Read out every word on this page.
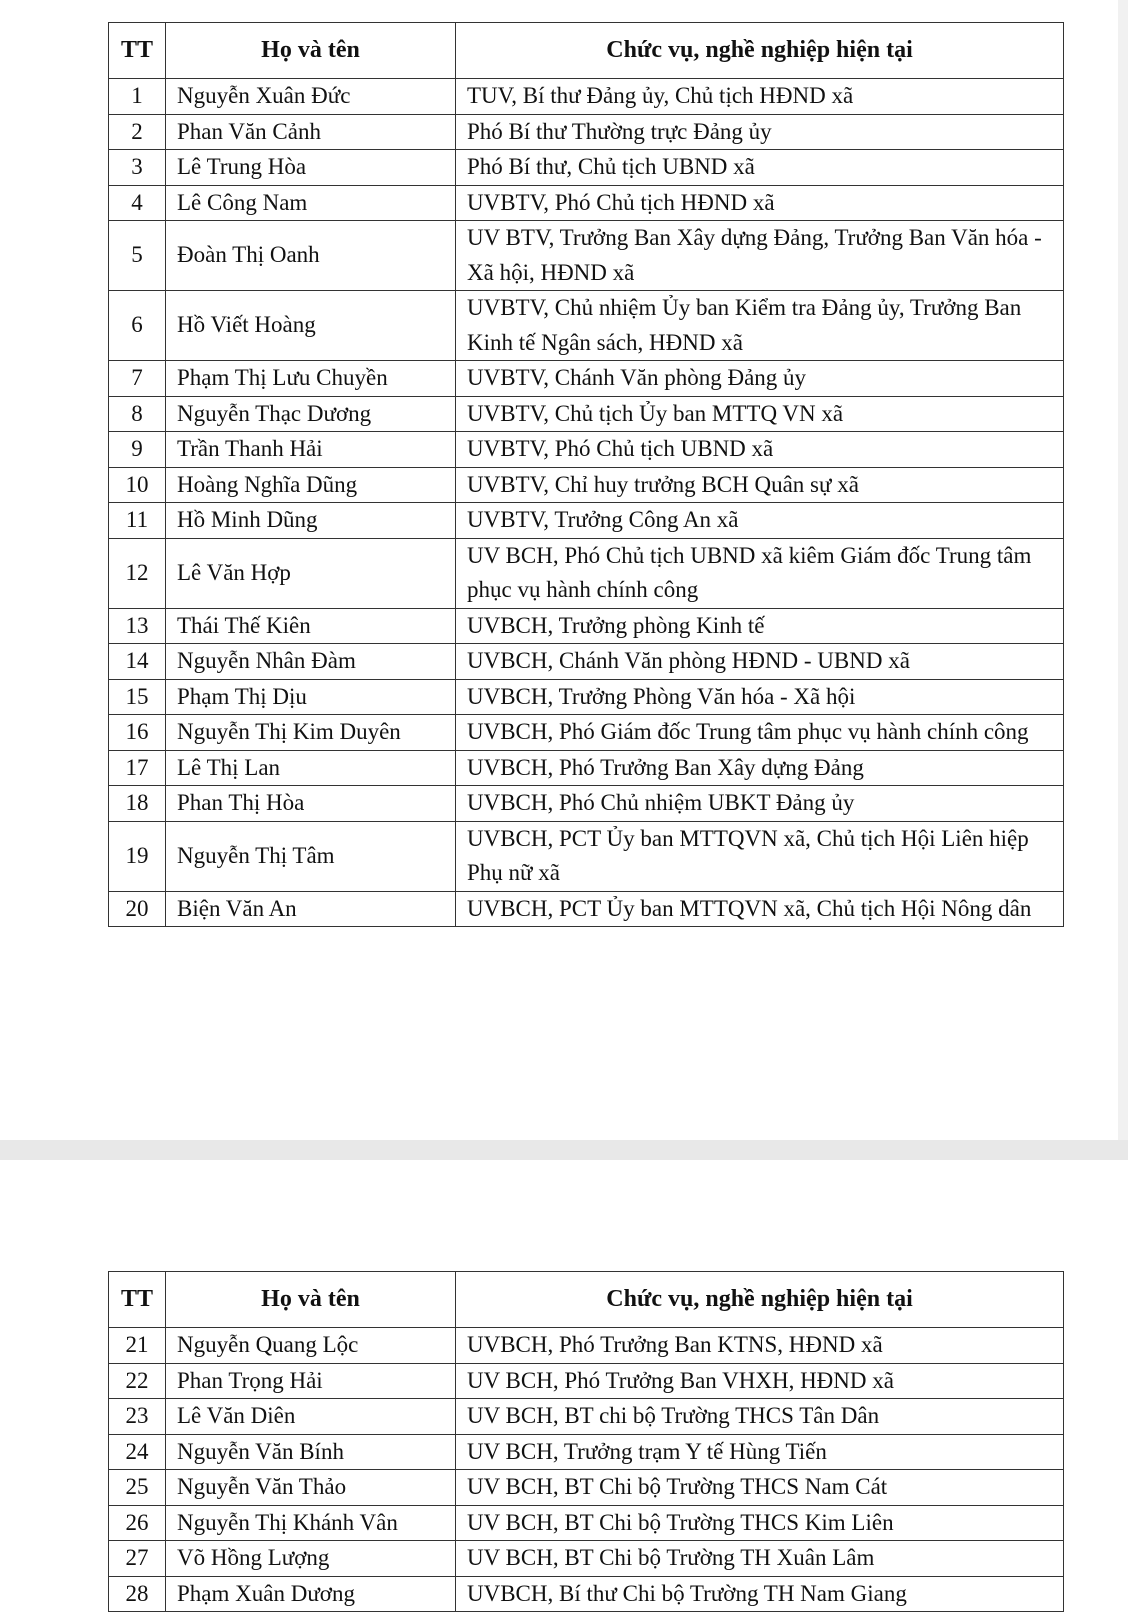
TT	Họ và tên	Chức vụ, nghề nghiệp hiện tại
1	Nguyễn Xuân Đức	TUV, Bí thư Đảng ủy, Chủ tịch HĐND xã
2	Phan Văn Cảnh	Phó Bí thư Thường trực Đảng ủy
3	Lê Trung Hòa	Phó Bí thư, Chủ tịch UBND xã
4	Lê Công Nam	UVBTV, Phó Chủ tịch HĐND xã
5	Đoàn Thị Oanh	UV BTV, Trưởng Ban Xây dựng Đảng, Trưởng Ban Văn hóa - Xã hội, HĐND xã
6	Hồ Viết Hoàng	UVBTV, Chủ nhiệm Ủy ban Kiểm tra Đảng ủy, Trưởng Ban Kinh tế Ngân sách, HĐND xã
7	Phạm Thị Lưu Chuyền	UVBTV, Chánh Văn phòng Đảng ủy
8	Nguyễn Thạc Dương	UVBTV, Chủ tịch Ủy ban MTTQ VN xã
9	Trần Thanh Hải	UVBTV, Phó Chủ tịch UBND xã
10	Hoàng Nghĩa Dũng	UVBTV, Chỉ huy trưởng BCH Quân sự xã
11	Hồ Minh Dũng	UVBTV, Trưởng Công An xã
12	Lê Văn Hợp	UV BCH, Phó Chủ tịch UBND xã kiêm Giám đốc Trung tâm phục vụ hành chính công
13	Thái Thế Kiên	UVBCH, Trưởng phòng Kinh tế
14	Nguyễn Nhân Đàm	UVBCH, Chánh Văn phòng HĐND - UBND xã
15	Phạm Thị Dịu	UVBCH, Trưởng Phòng Văn hóa - Xã hội
16	Nguyễn Thị Kim Duyên	UVBCH, Phó Giám đốc Trung tâm phục vụ hành chính công
17	Lê Thị Lan	UVBCH, Phó Trưởng Ban Xây dựng Đảng
18	Phan Thị Hòa	UVBCH, Phó Chủ nhiệm UBKT Đảng ủy
19	Nguyễn Thị Tâm	UVBCH, PCT Ủy ban MTTQVN xã, Chủ tịch Hội Liên hiệp Phụ nữ xã
20	Biện Văn An	UVBCH, PCT Ủy ban MTTQVN xã, Chủ tịch Hội Nông dân
TT	Họ và tên	Chức vụ, nghề nghiệp hiện tại
21	Nguyễn Quang Lộc	UVBCH, Phó Trưởng Ban KTNS, HĐND xã
22	Phan Trọng Hải	UV BCH, Phó Trưởng Ban VHXH, HĐND xã
23	Lê Văn Diên	UV BCH, BT chi bộ Trường THCS Tân Dân
24	Nguyễn Văn Bính	UV BCH, Trưởng trạm Y tế Hùng Tiến
25	Nguyễn Văn Thảo	UV BCH, BT Chi bộ Trường THCS Nam Cát
26	Nguyễn Thị Khánh Vân	UV BCH, BT Chi bộ Trường THCS Kim Liên
27	Võ Hồng Lượng	UV BCH, BT Chi bộ Trường TH Xuân Lâm
28	Phạm Xuân Dương	UVBCH, Bí thư Chi bộ Trường TH Nam Giang
